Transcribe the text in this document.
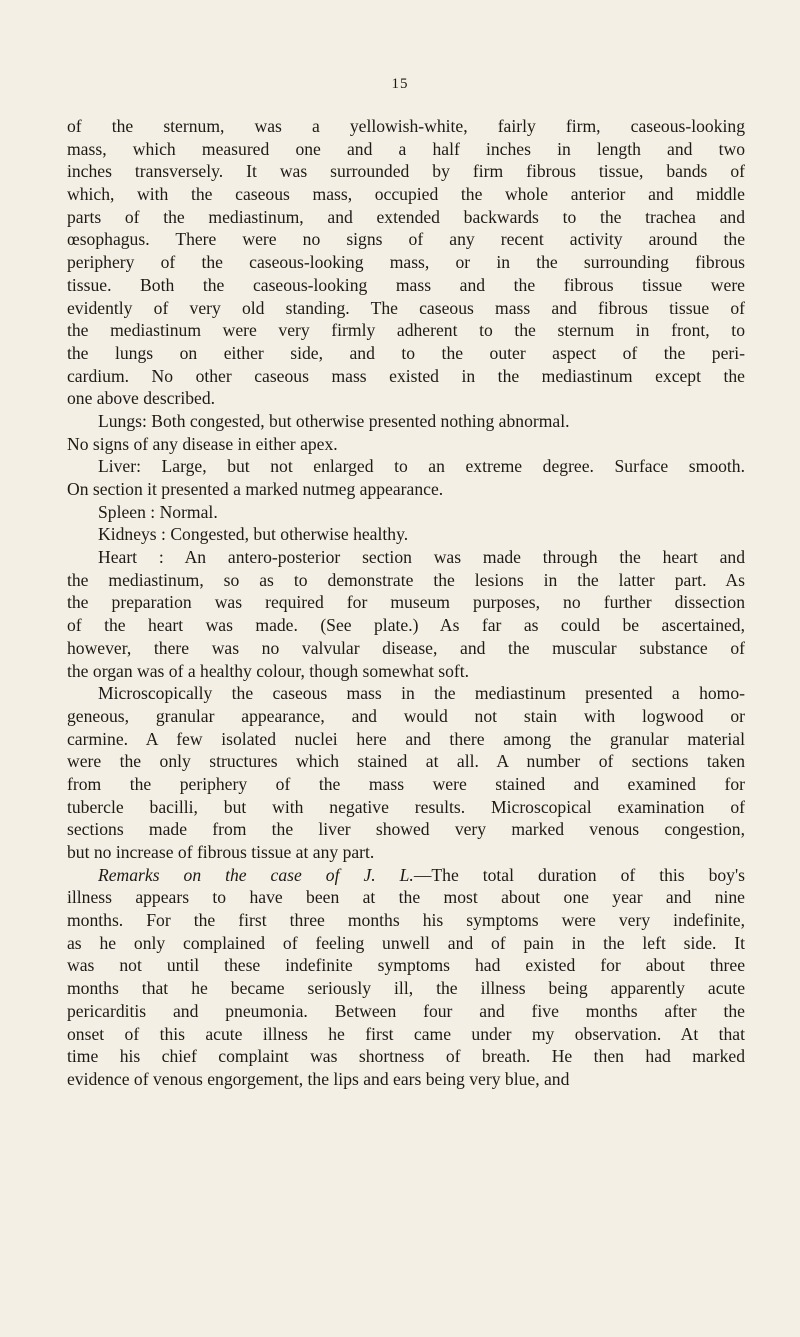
15
of the sternum, was a yellowish-white, fairly firm, caseous-looking
mass, which measured one and a half inches in length and two
inches transversely. It was surrounded by firm fibrous tissue, bands of
which, with the caseous mass, occupied the whole anterior and middle
parts of the mediastinum, and extended backwards to the trachea and
œsophagus. There were no signs of any recent activity around the
periphery of the caseous-looking mass, or in the surrounding fibrous
tissue. Both the caseous-looking mass and the fibrous tissue were
evidently of very old standing. The caseous mass and fibrous tissue of
the mediastinum were very firmly adherent to the sternum in front, to
the lungs on either side, and to the outer aspect of the peri-
cardium. No other caseous mass existed in the mediastinum except the
one above described.
Lungs: Both congested, but otherwise presented nothing abnormal.
No signs of any disease in either apex.
Liver: Large, but not enlarged to an extreme degree. Surface smooth.
On section it presented a marked nutmeg appearance.
Spleen : Normal.
Kidneys : Congested, but otherwise healthy.
Heart : An antero-posterior section was made through the heart and
the mediastinum, so as to demonstrate the lesions in the latter part. As
the preparation was required for museum purposes, no further dissection
of the heart was made. (See plate.) As far as could be ascertained,
however, there was no valvular disease, and the muscular substance of
the organ was of a healthy colour, though somewhat soft.
Microscopically the caseous mass in the mediastinum presented a homo-
geneous, granular appearance, and would not stain with logwood or
carmine. A few isolated nuclei here and there among the granular material
were the only structures which stained at all. A number of sections taken
from the periphery of the mass were stained and examined for
tubercle bacilli, but with negative results. Microscopical examination of
sections made from the liver showed very marked venous congestion,
but no increase of fibrous tissue at any part.
Remarks on the case of J. L.—The total duration of this boy's
illness appears to have been at the most about one year and nine
months. For the first three months his symptoms were very indefinite,
as he only complained of feeling unwell and of pain in the left side. It
was not until these indefinite symptoms had existed for about three
months that he became seriously ill, the illness being apparently acute
pericarditis and pneumonia. Between four and five months after the
onset of this acute illness he first came under my observation. At that
time his chief complaint was shortness of breath. He then had marked
evidence of venous engorgement, the lips and ears being very blue, and
